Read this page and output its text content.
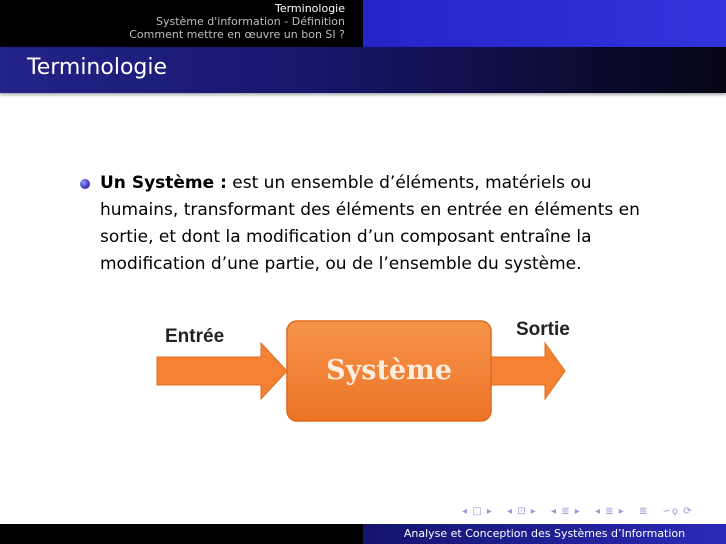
Terminologie
Système d'information - Définition
Comment mettre en œuvre un bon SI ?
Terminologie
Un Système : est un ensemble d’éléments, matériels ou humains, transformant des éléments en entrée en éléments en sortie, et dont la modification d’un composant entraîne la modification d’une partie, ou de l’ensemble du système.
Entrée	Sortie
Système
◂ □ ▸ ◂ ⊡ ▸ ◂ ≣ ▸ ◂ ≣ ▸ ≣ ∽ϙ ⟳
Analyse et Conception des Systèmes d’Information
